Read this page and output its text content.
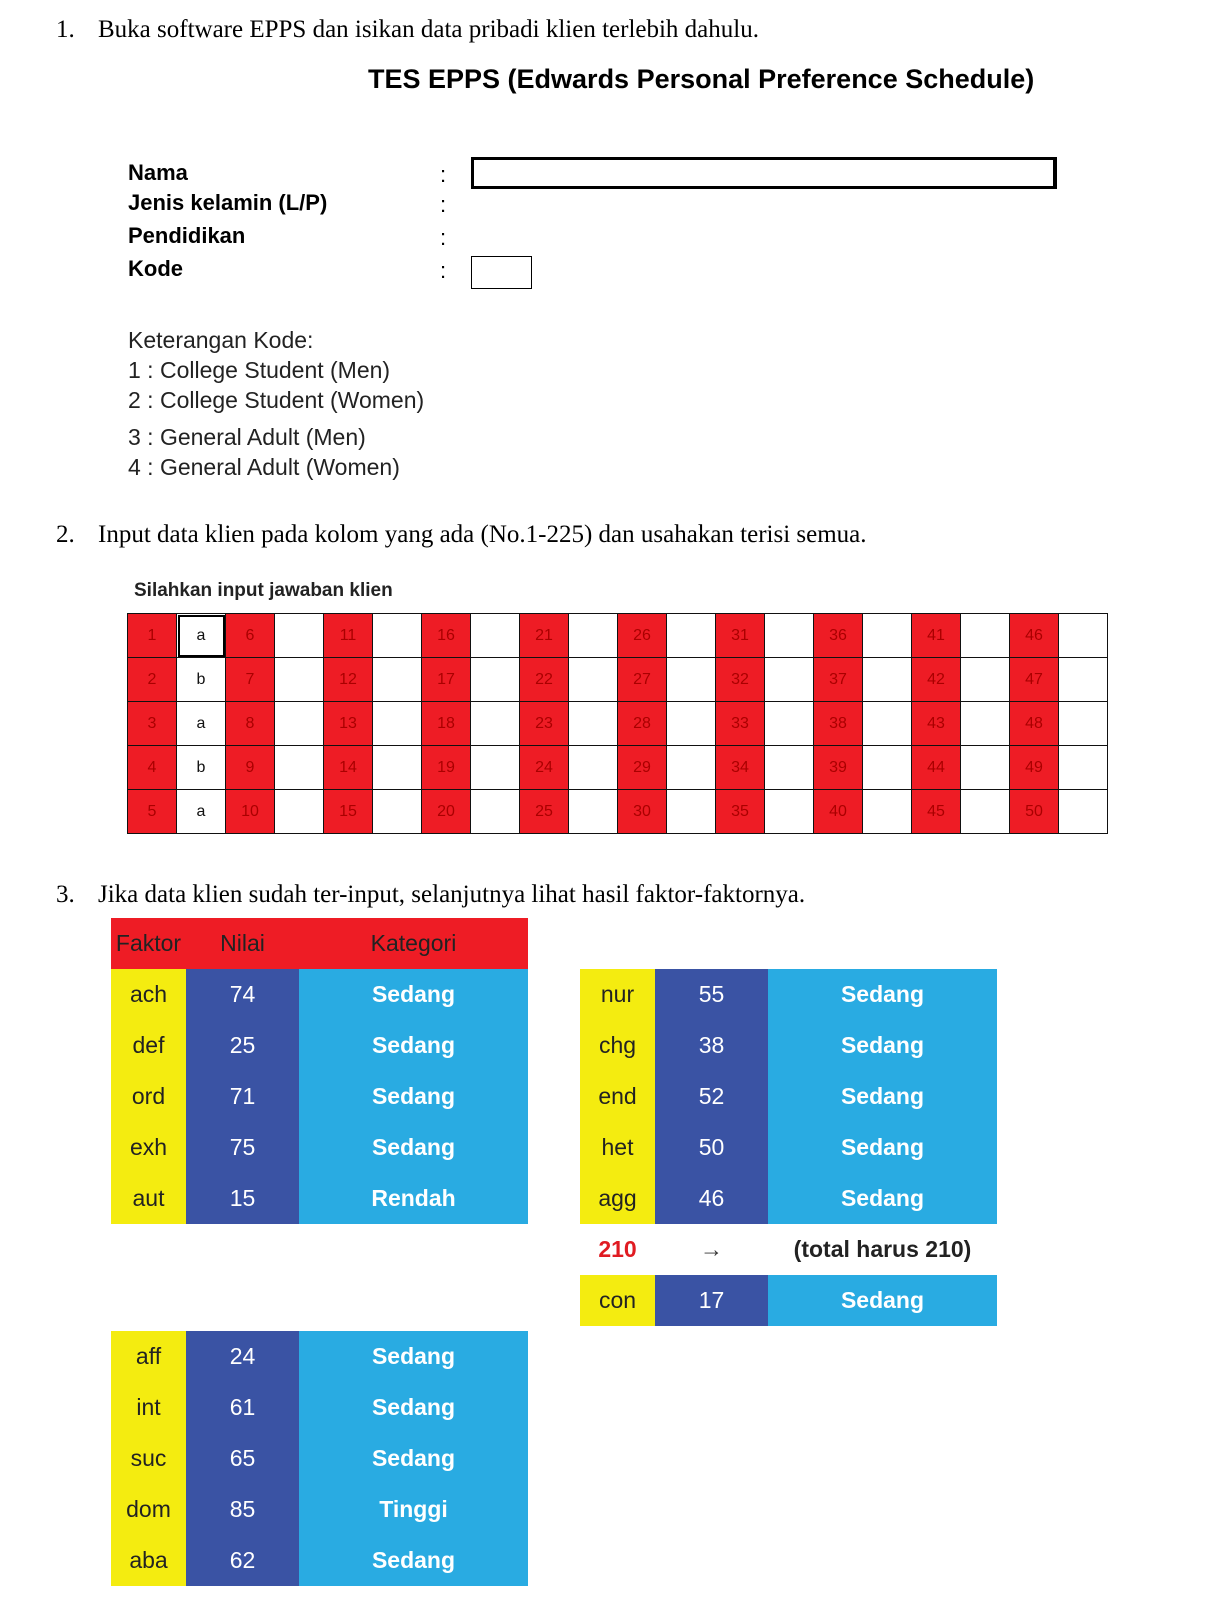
1. Buka software EPPS dan isikan data pribadi klien terlebih dahulu.
TES EPPS (Edwards Personal Preference Schedule)
Nama
Jenis kelamin (L/P)
Pendidikan
Kode
:
:
:
:
Keterangan Kode:
1 : College Student (Men)
2 : College Student (Women)
3 : General Adult (Men)
4 : General Adult (Women)
2. Input data klien pada kolom yang ada (No.1-225) dan usahakan terisi semua.
Silahkan input jawaban klien
1	a	6		11		16		21		26		31		36		41		46	
2	b	7		12		17		22		27		32		37		42		47	
3	a	8		13		18		23		28		33		38		43		48	
4	b	9		14		19		24		29		34		39		44		49	
5	a	10		15		20		25		30		35		40		45		50	
3. Jika data klien sudah ter-input, selanjutnya lihat hasil faktor-faktornya.
Faktor	Nilai	Kategori
ach	74	Sedang
def	25	Sedang
ord	71	Sedang
exh	75	Sedang
aut	15	Rendah
aff	24	Sedang
int	61	Sedang
suc	65	Sedang
dom	85	Tinggi
aba	62	Sedang
nur	55	Sedang
chg	38	Sedang
end	52	Sedang
het	50	Sedang
agg	46	Sedang
210	→	(total harus 210)
con	17	Sedang
